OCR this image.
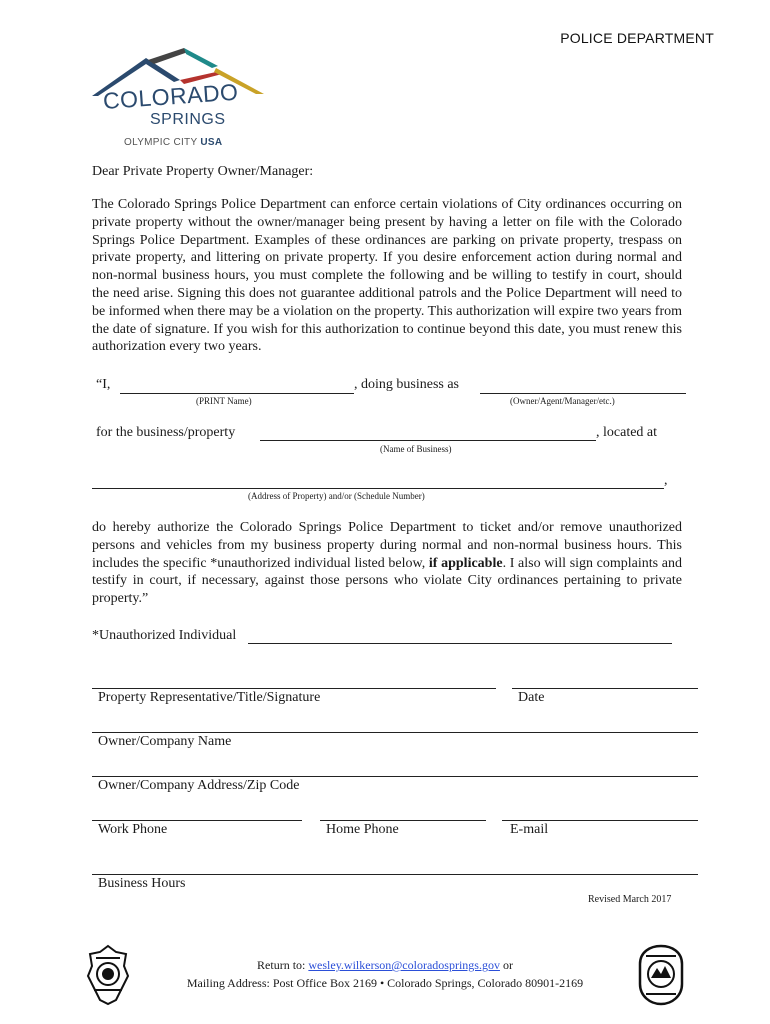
POLICE DEPARTMENT
COLORADO
SPRINGS
OLYMPIC CITY USA
Dear Private Property Owner/Manager:
The Colorado Springs Police Department can enforce certain violations of City ordinances occurring on private property without the owner/manager being present by having a letter on file with the Colorado Springs Police Department. Examples of these ordinances are parking on private property, trespass on private property, and littering on private property. If you desire enforcement action during normal and non-normal business hours, you must complete the following and be willing to testify in court, should the need arise. Signing this does not guarantee additional patrols and the Police Department will need to be informed when there may be a violation on the property. This authorization will expire two years from the date of signature. If you wish for this authorization to continue beyond this date, you must renew this authorization every two years.
“I,	, doing business as
(PRINT Name)	(Owner/Agent/Manager/etc.)
for the business/property	, located at
(Name of Business)
,
(Address of Property) and/or (Schedule Number)
do hereby authorize the Colorado Springs Police Department to ticket and/or remove unauthorized persons and vehicles from my business property during normal and non-normal business hours. This includes the specific *unauthorized individual listed below, if applicable. I also will sign complaints and testify in court, if necessary, against those persons who violate City ordinances pertaining to private property.”
*Unauthorized Individual
Property Representative/Title/Signature	Date
Owner/Company Name
Owner/Company Address/Zip Code
Work Phone	Home Phone	E-mail
Business Hours
Revised March 2017
Return to: wesley.wilkerson@coloradosprings.gov or
Mailing Address: Post Office Box 2169 • Colorado Springs, Colorado 80901-2169
